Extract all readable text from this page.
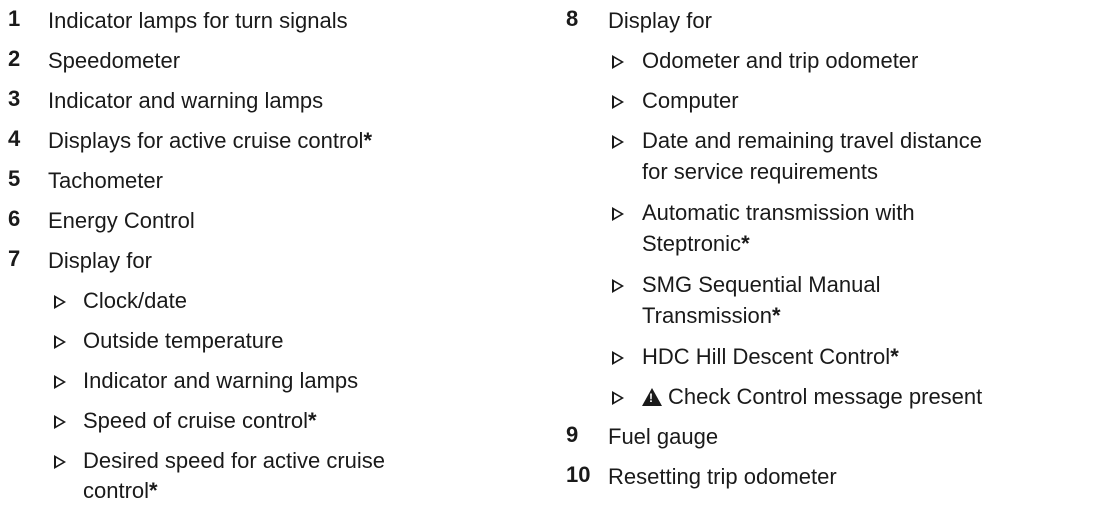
1 Indicator lamps for turn signals
2 Speedometer
3 Indicator and warning lamps
4 Displays for active cruise control*
5 Tachometer
6 Energy Control
7 Display for
Clock/date
Outside temperature
Indicator and warning lamps
Speed of cruise control*
Desired speed for active cruise
control*
8 Display for
Odometer and trip odometer
Computer
Date and remaining travel distance
for service requirements
Automatic transmission with
Steptronic*
SMG Sequential Manual
Transmission*
HDC Hill Descent Control*
!Check Control message present
9 Fuel gauge
10 Resetting trip odometer
